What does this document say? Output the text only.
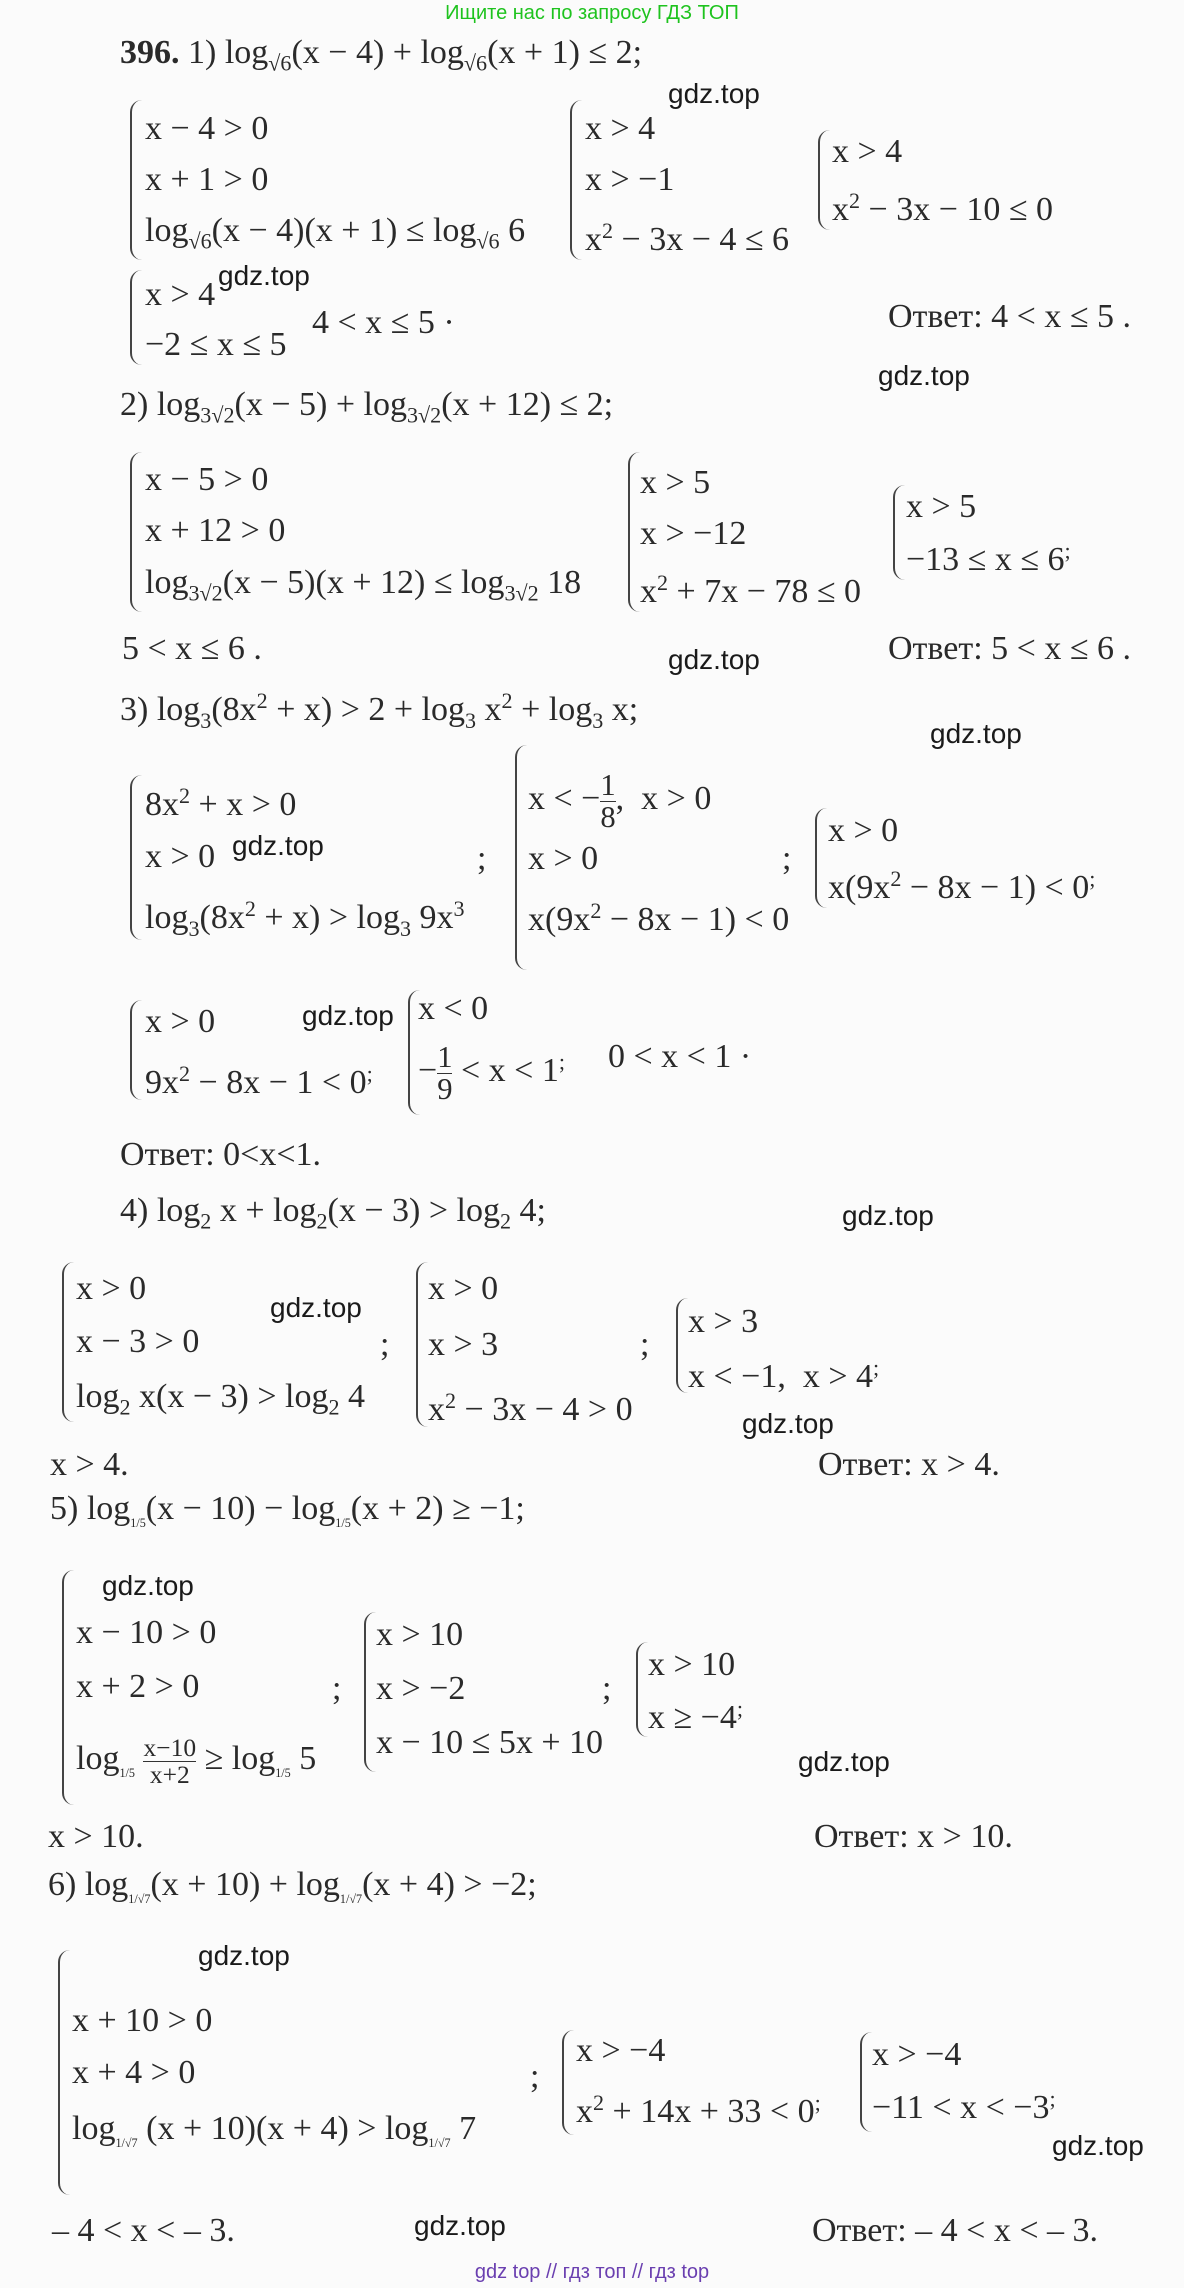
Ищите нас по запросу ГДЗ ТОП
396. 1) $\log_{√6}(x - 4) + \log_{√6}(x + 1) \le 2$;
x − 4 > 0
x + 1 > 0
$\log_{√6}(x - 4)(x + 1) \le \log_{√6} 6$
x > 4
x > −1
$x^2 - 3x - 4 \le 6$
x > 4
$x^2 - 3x - 10 \le 0$
x > 4
−2 ≤ x ≤ 5
4 < x ≤ 5 ·	Ответ: 4 < x ≤ 5 .
2) $\log_{3√2}(x - 5) + \log_{3√2}(x + 12) \le 2$;
x − 5 > 0
x + 12 > 0
$\log_{3√2}(x - 5)(x + 12) \le \log_{3√2} 18$
x > 5
x > −12
$x^2 + 7x - 78 \le 0$
x > 5
−13 ≤ x ≤ 6;
5 < x ≤ 6 .	Ответ: 5 < x ≤ 6 .
3) $\log_3(8x^2 + x) > 2 + \log_3 x^2 + \log_3 x$;
$8x^2 + x > 0$
x > 0
$\log_3(8x^2 + x) > \log_3 9x^3$
;
x < − $\frac{1}{8}$ ,  x > 0
x > 0
$x(9x^2 - 8x - 1) < 0$
;
x > 0
$x(9x^2 - 8x - 1) < 0^;$
x > 0
$9x^2 - 8x - 1 < 0^;$
x < 0
− $\frac{1}{9} < x < 1^;$ 0 < x < 1 ·
Ответ: 0<x<1.
4) $\log_2 x + \log_2(x - 3) > \log_2 4$;
x > 0
x − 3 > 0
$\log_2 x(x - 3) > \log_2 4$
;
x > 0
x > 3
$x^2 - 3x - 4 > 0$
;
x > 3
x < −1,  x > 4;
x > 4.	Ответ: x > 4.
5) $\log_{1/5}(x - 10) - \log_{1/5}(x + 2) \ge -1$;
x − 10 > 0
x + 2 > 0
$\log_{1/5} \frac{x-10}{x+2} \ge \log_{1/5} 5$
;
x > 10
x > −2
x − 10 ≤ 5x + 10
;
x > 10
x ≥ −4;
x > 10.	Ответ: x > 10.
6) $\log_{1/√7}(x + 10) + \log_{1/√7}(x + 4) > -2$;
x + 10 > 0
x + 4 > 0
$\log_{1/√7} (x + 10)(x + 4) > \log_{1/√7} 7$
;
x > −4
$x^2 + 14x + 33 < 0^;$
x > −4
−11 < x < −3;
– 4 < x < – 3.	Ответ: – 4 < x < – 3.
gdz.top
gdz.top
gdz.top
gdz.top
gdz.top
gdz.top
gdz.top
gdz.top
gdz.top
gdz.top
gdz.top
gdz.top
gdz.top
gdz.top
gdz.top
gdz top // гдз топ // гдз top
